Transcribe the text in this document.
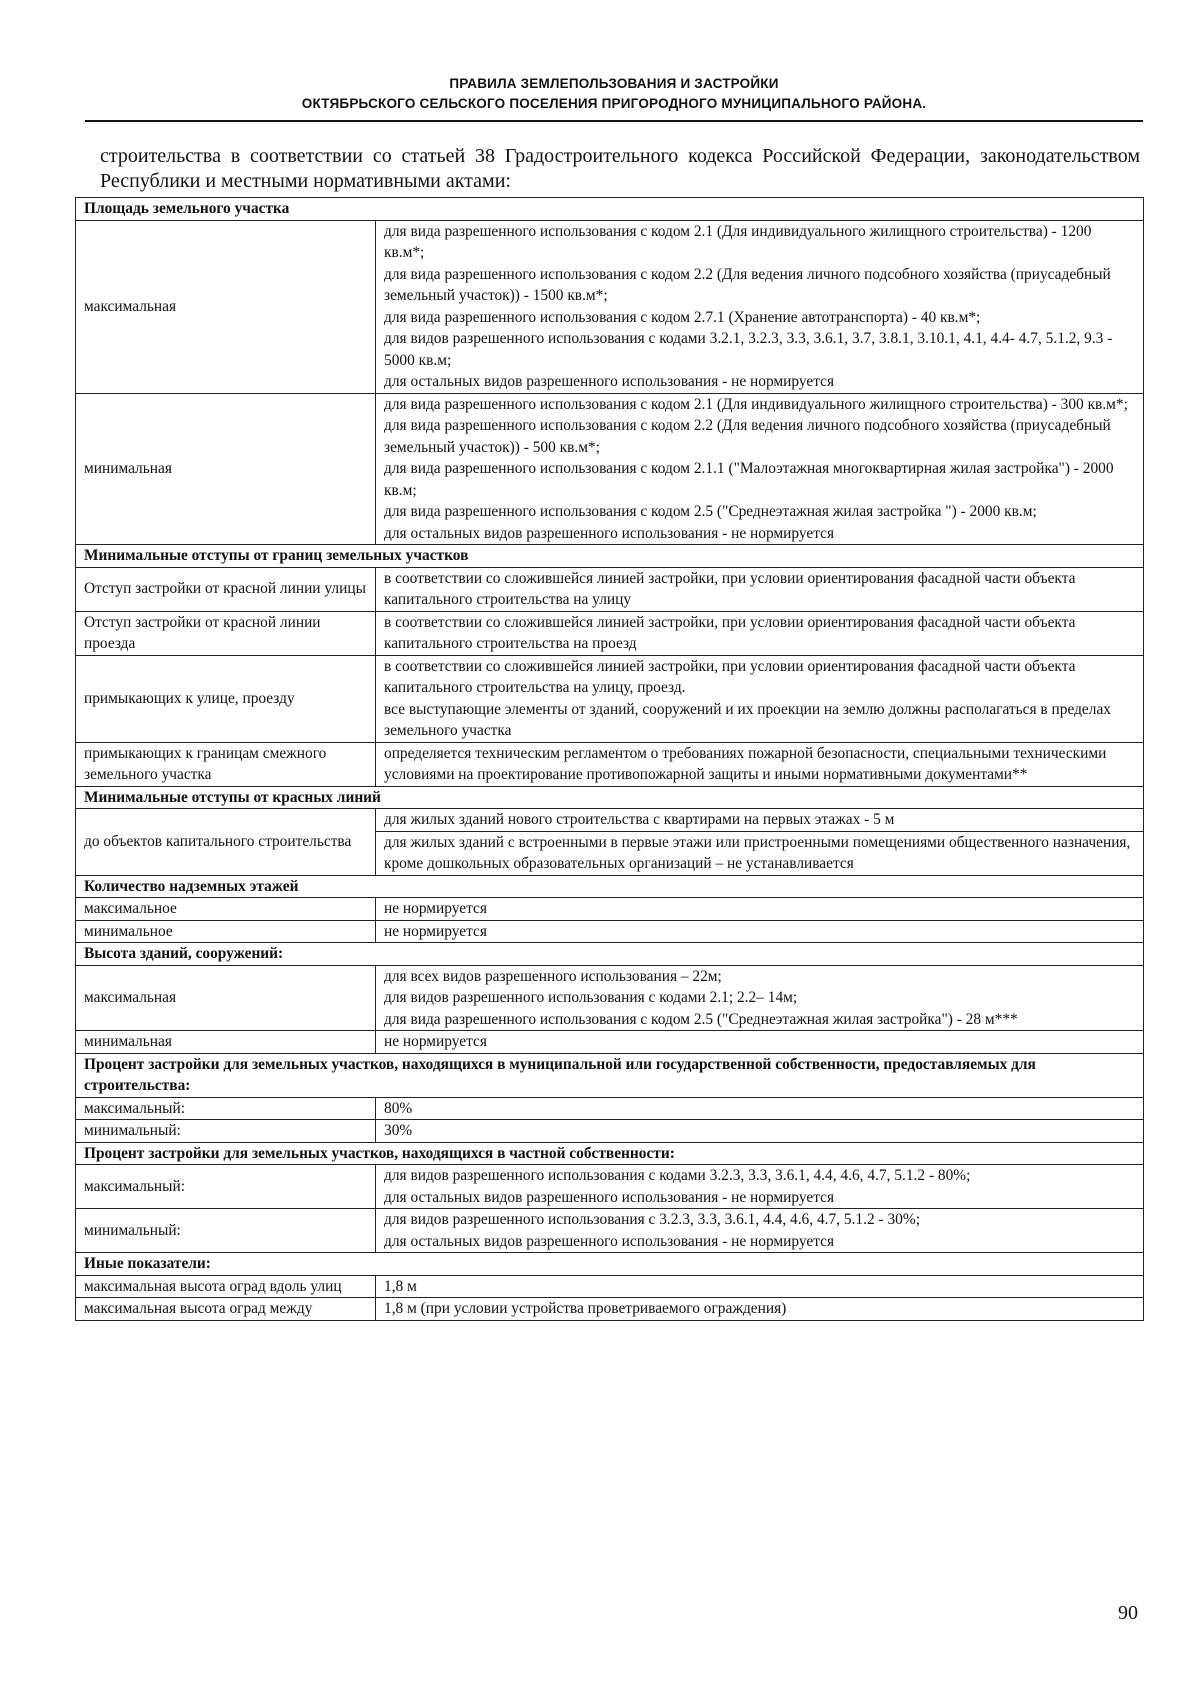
ПРАВИЛА ЗЕМЛЕПОЛЬЗОВАНИЯ И ЗАСТРОЙКИ
ОКТЯБРЬСКОГО СЕЛЬСКОГО ПОСЕЛЕНИЯ ПРИГОРОДНОГО МУНИЦИПАЛЬНОГО РАЙОНА.
строительства в соответствии со статьей 38 Градостроительного кодекса Российской Федерации, законодательством Республики и местными нормативными актами:
Площадь земельного участка	
максимальная	для вида разрешенного использования с кодом 2.1 (Для индивидуального жилищного строительства) - 1200 кв.м*;
для вида разрешенного использования с кодом 2.2 (Для ведения личного подсобного хозяйства (приусадебный земельный участок)) - 1500 кв.м*;
для вида разрешенного использования с кодом 2.7.1 (Хранение автотранспорта) - 40 кв.м*;
для видов разрешенного использования с кодами 3.2.1, 3.2.3, 3.3, 3.6.1, 3.7, 3.8.1, 3.10.1, 4.1, 4.4- 4.7, 5.1.2, 9.3 - 5000 кв.м;
для остальных видов разрешенного использования - не нормируется

минимальная	для вида разрешенного использования с кодом 2.1 (Для индивидуального жилищного строительства) - 300 кв.м*;
для вида разрешенного использования с кодом 2.2 (Для ведения личного подсобного хозяйства (приусадебный земельный участок)) - 500 кв.м*;
для вида разрешенного использования с кодом 2.1.1 ("Малоэтажная многоквартирная жилая застройка") - 2000 кв.м;
для вида разрешенного использования с кодом 2.5 ("Среднеэтажная жилая застройка ") - 2000 кв.м;
для остальных видов разрешенного использования - не нормируется

Минимальные отступы от границ земельных участков	
Отступ застройки от красной линии улицы	в соответствии со сложившейся линией застройки, при условии ориентирования фасадной части объекта капитального строительства на улицу

Отступ застройки от красной линии проезда	в соответствии со сложившейся линией застройки, при условии ориентирования фасадной части объекта капитального строительства на проезд

примыкающих к улице, проезду	в соответствии со сложившейся линией застройки, при условии ориентирования фасадной части объекта капитального строительства на улицу, проезд.
все выступающие элементы от зданий, сооружений и их проекции на землю должны располагаться в пределах земельного участка

примыкающих к границам смежного земельного участка	определяется техническим регламентом о требованиях пожарной безопасности, специальными техническими условиями на проектирование противопожарной защиты и иными нормативными документами**

Минимальные отступы от красных линий	
до объектов капитального строительства	для жилых зданий нового строительства с квартирами на первых этажах - 5 м

	для жилых зданий с встроенными в первые этажи или пристроенными помещениями общественного назначения, кроме дошкольных образовательных организаций – не устанавливается

Количество надземных этажей	
максимальное	не нормируется

минимальное	не нормируется

Высота зданий, сооружений:	
максимальная	для всех видов разрешенного использования – 22м;
для видов разрешенного использования с кодами 2.1; 2.2– 14м;
для вида разрешенного использования с кодом 2.5 ("Среднеэтажная жилая застройка") - 28 м***

минимальная	не нормируется

Процент застройки для земельных участков, находящихся в муниципальной или государственной собственности, предоставляемых для строительства:	
максимальный:	80%

минимальный:	30%

Процент застройки для земельных участков, находящихся в частной собственности:	
максимальный:	для видов разрешенного использования с кодами 3.2.3, 3.3, 3.6.1, 4.4, 4.6, 4.7, 5.1.2 - 80%;
для остальных видов разрешенного использования - не нормируется

минимальный:	для видов разрешенного использования с 3.2.3, 3.3, 3.6.1, 4.4, 4.6, 4.7, 5.1.2 - 30%;
для остальных видов разрешенного использования - не нормируется

Иные показатели:	
максимальная высота оград вдоль улиц	1,8 м

максимальная высота оград между	1,8 м (при условии устройства проветриваемого ограждения)
90
